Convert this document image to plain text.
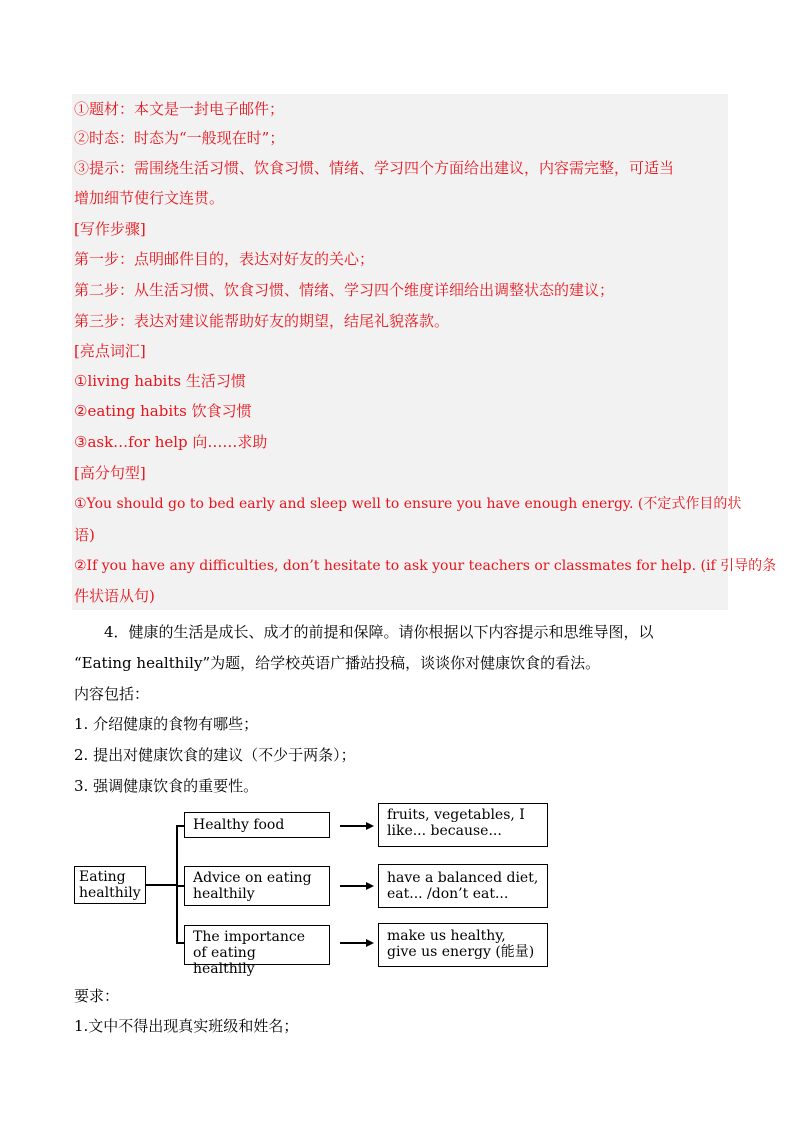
①题材：本文是一封电子邮件；
②时态：时态为“一般现在时”；
③提示：需围绕生活习惯、饮食习惯、情绪、学习四个方面给出建议，内容需完整，可适当
增加细节使行文连贯。
[写作步骤]
第一步：点明邮件目的，表达对好友的关心；
第二步：从生活习惯、饮食习惯、情绪、学习四个维度详细给出调整状态的建议；
第三步：表达对建议能帮助好友的期望，结尾礼貌落款。
[亮点词汇]
①living habits 生活习惯
②eating habits 饮食习惯
③ask…for help 向……求助
[高分句型]
①You should go to bed early and sleep well to ensure you have enough energy. (不定式作目的状
语)
②If you have any difficulties, don’t hesitate to ask your teachers or classmates for help. (if 引导的条
件状语从句)
　　4．健康的生活是成长、成才的前提和保障。请你根据以下内容提示和思维导图，以
“Eating healthily”为题，给学校英语广播站投稿，谈谈你对健康饮食的看法。
内容包括：
1. 介绍健康的食物有哪些；
2. 提出对健康饮食的建议（不少于两条）；
3. 强调健康饮食的重要性。
Eating healthily
Healthy food
Advice on eating healthily
The importance of eating healthily
fruits, vegetables, I like... because...
have a balanced diet, eat... /don’t eat...
make us healthy, give us energy (能量)
要求：
1.文中不得出现真实班级和姓名；
